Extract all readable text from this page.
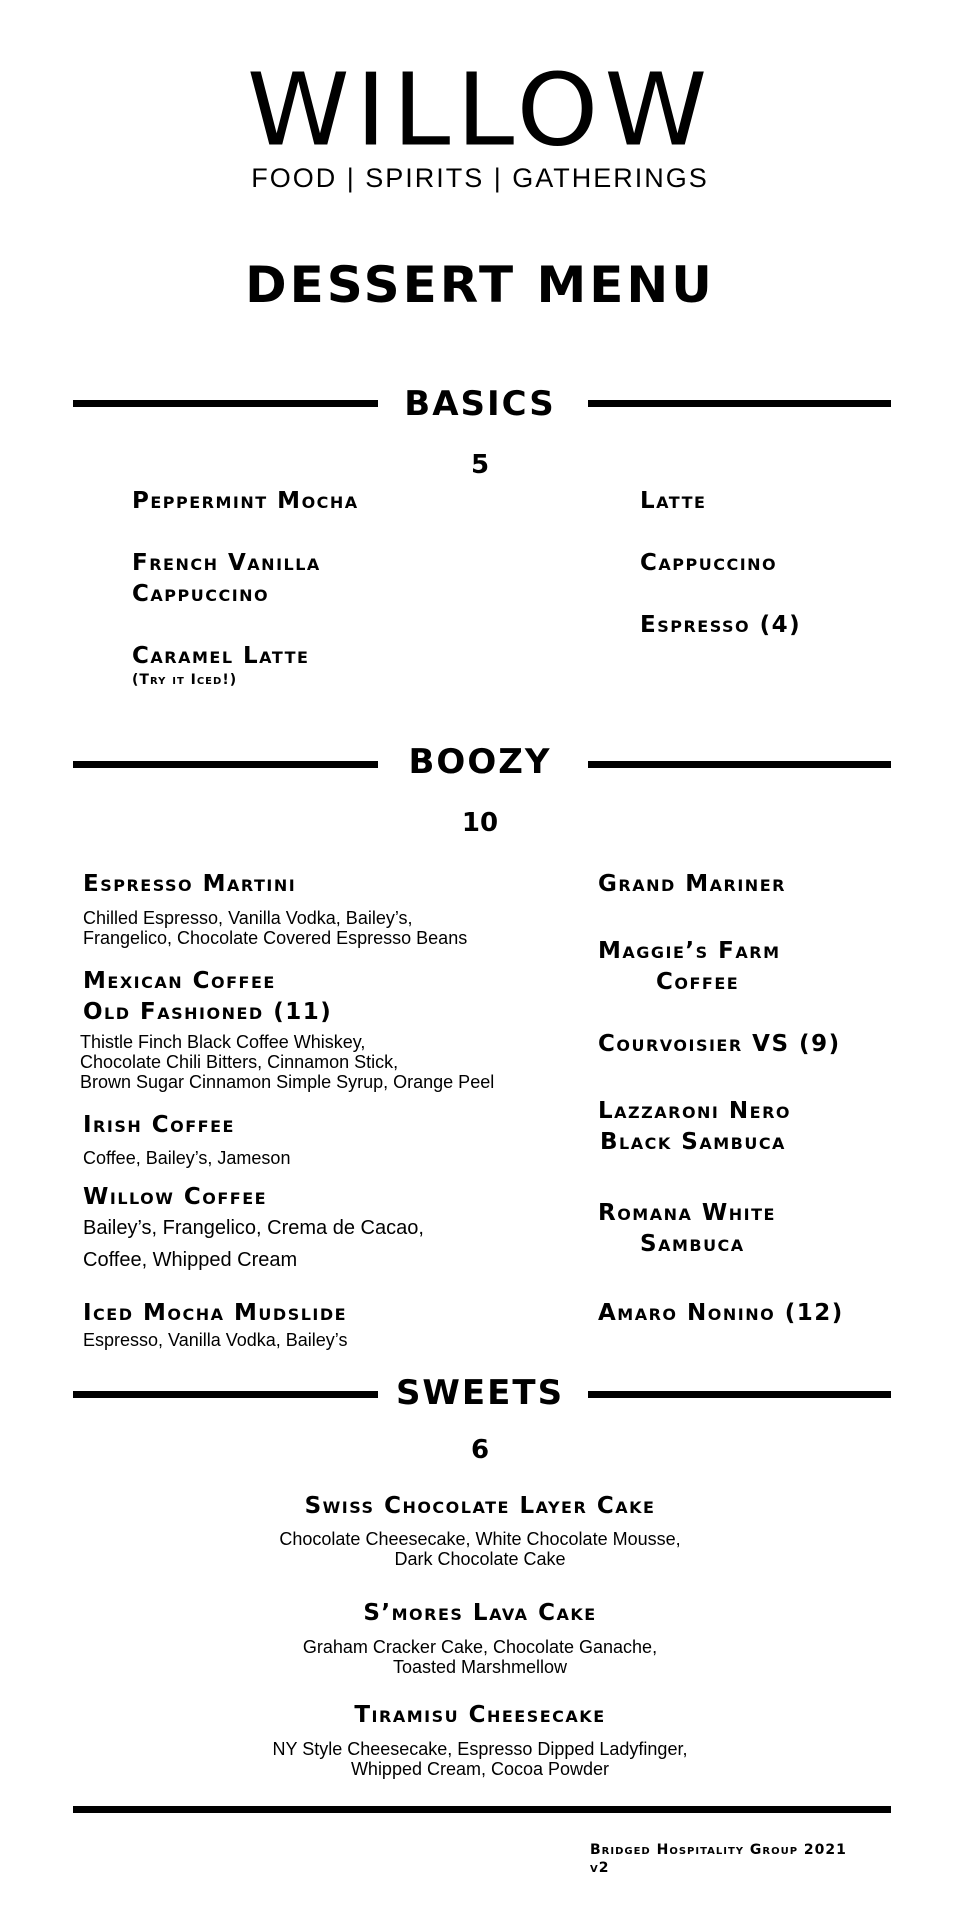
WILLOW
FOOD | SPIRITS | GATHERINGS
DESSERT MENU
BASICS
5
Peppermint Mocha
French Vanilla
Cappuccino
Caramel Latte
(Try it Iced!)
Latte
Cappuccino
Espresso (4)
BOOZY
10
Espresso Martini
Chilled Espresso, Vanilla Vodka, Bailey’s,
Frangelico, Chocolate Covered Espresso Beans
Mexican Coffee
Old Fashioned (11)
Thistle Finch Black Coffee Whiskey,
Chocolate Chili Bitters, Cinnamon Stick,
Brown Sugar Cinnamon Simple Syrup, Orange Peel
Irish Coffee
Coffee, Bailey’s, Jameson
Willow Coffee
Bailey’s, Frangelico, Crema de Cacao,
Coffee, Whipped Cream
Iced Mocha Mudslide
Espresso, Vanilla Vodka, Bailey’s
Grand Mariner
Maggie’s Farm
Coffee
Courvoisier VS (9)
Lazzaroni Nero
Black Sambuca
Romana White
Sambuca
Amaro Nonino (12)
SWEETS
6
Swiss Chocolate Layer Cake
Chocolate Cheesecake, White Chocolate Mousse,
Dark Chocolate Cake
S’mores Lava Cake
Graham Cracker Cake, Chocolate Ganache,
Toasted Marshmellow
Tiramisu Cheesecake
NY Style Cheesecake, Espresso Dipped Ladyfinger,
Whipped Cream, Cocoa Powder
Bridged Hospitality Group 2021
v2
